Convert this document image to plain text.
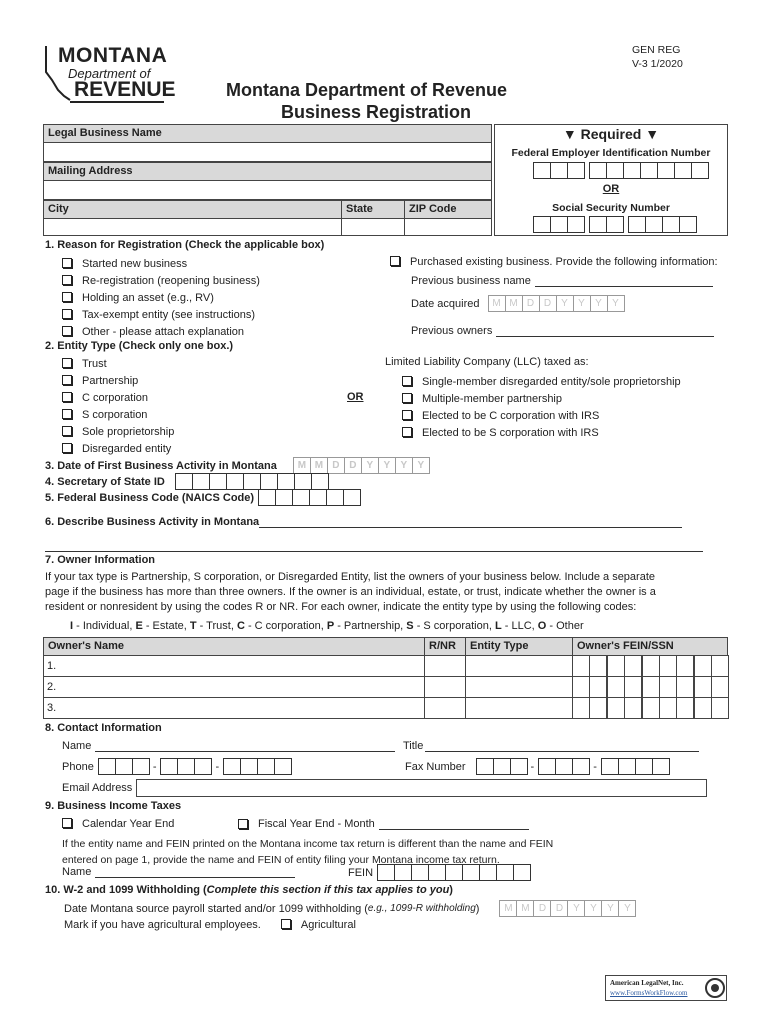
MONTANA
Department of
REVENUE
GEN REG
V-3 1/2020
Montana Department of Revenue
Business Registration
Legal Business Name
Mailing Address
City	State	ZIP Code
▼ Required ▼
Federal Employer Identification Number
OR
Social Security Number
1. Reason for Registration (Check the applicable box)
Started new business
Re-registration (reopening business)
Holding an asset (e.g., RV)
Tax-exempt entity (see instructions)
Other - please attach explanation
Purchased existing business. Provide the following information:
Previous business name
Date acquired	M M D D	Y	Y	Y	Y
Previous owners
2. Entity Type (Check only one box.)
Trust
Partnership
C corporation
S corporation
Sole proprietorship
Disregarded entity
OR
Limited Liability Company (LLC) taxed as:
Single-member disregarded entity/sole proprietorship
Multiple-member partnership
Elected to be C corporation with IRS
Elected to be S corporation with IRS
3. Date of First Business Activity in Montana	M M D D	Y	Y	Y	Y
4. Secretary of State ID
5. Federal Business Code (NAICS Code)
6. Describe Business Activity in Montana
7. Owner Information
If your tax type is Partnership, S corporation, or Disregarded Entity, list the owners of your business below. Include a separate
page if the business has more than three owners. If the owner is an individual, estate, or trust, indicate whether the owner is a
resident or nonresident by using the codes R or NR. For each owner, indicate the entity type by using the following codes:
I - Individual, E - Estate, T - Trust, C - C corporation, P - Partnership, S - S corporation, L - LLC, O - Other
Owner's Name	R/NR	Entity Type	Owner's FEIN/SSN
1.
2.
3.
8. Contact Information
Name	Title
Phone	-	-	Fax Number	-	-
Email Address
9. Business Income Taxes
Calendar Year End	Fiscal Year End - Month
If the entity name and FEIN printed on the Montana income tax return is different than the name and FEIN
entered on page 1, provide the name and FEIN of entity filing your Montana income tax return.
Name	FEIN
10. W-2 and 1099 Withholding (Complete this section if this tax applies to you)
Date Montana source payroll started and/or 1099 withholding ( e.g., 1099-R withholding )	M M D D	Y	Y	Y	Y
Mark if you have agricultural employees.	Agricultural
American LegalNet, Inc.
www.FormsWorkFlow.com
